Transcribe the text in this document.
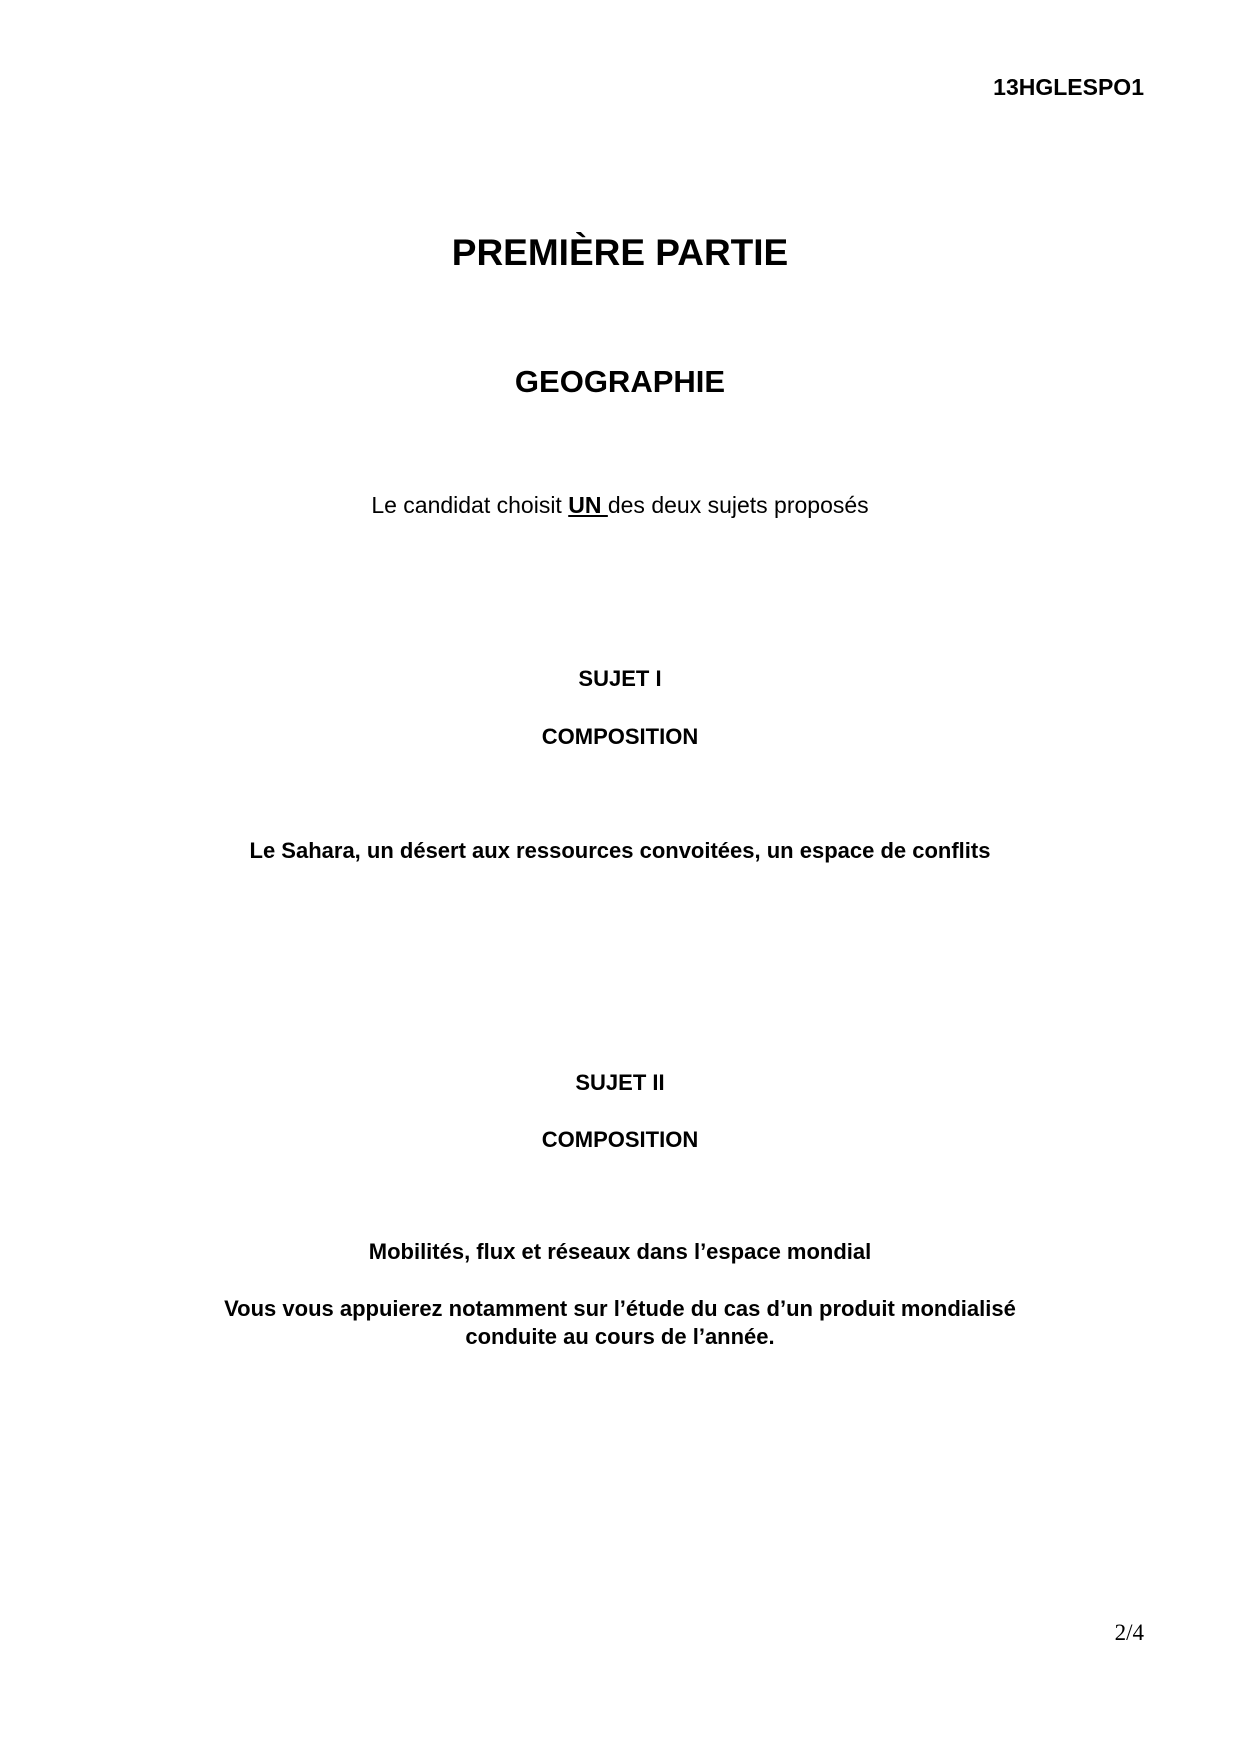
13HGLESPO1

PREMIÈRE PARTIE
GEOGRAPHIE

Le candidat choisit UN des deux sujets proposés

SUJET I

COMPOSITION

Le Sahara, un désert aux ressources convoitées, un espace de conflits

SUJET II

COMPOSITION

Mobilités, flux et réseaux dans l’espace mondial

Vous vous appuierez notamment sur l’étude du cas d’un produit mondialisé
conduite au cours de l’année.

2/4
